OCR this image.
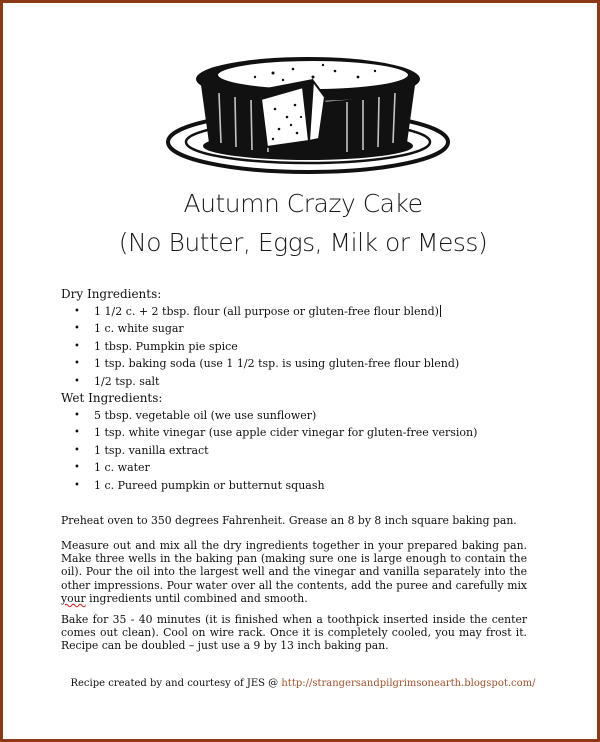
Autumn Crazy Cake
(No Butter, Eggs, Milk or Mess)
Dry Ingredients:
• 1 1/2 c. + 2 tbsp. flour (all purpose or gluten-free flour blend)
• 1 c. white sugar
• 1 tbsp. Pumpkin pie spice
• 1 tsp. baking soda (use 1 1/2 tsp. is using gluten-free flour blend)
• 1/2 tsp. salt
Wet Ingredients:
• 5 tbsp. vegetable oil (we use sunflower)
• 1 tsp. white vinegar (use apple cider vinegar for gluten-free version)
• 1 tsp. vanilla extract
• 1 c. water
• 1 c. Pureed pumpkin or butternut squash

Preheat oven to 350 degrees Fahrenheit. Grease an 8 by 8 inch square baking pan.

Measure out and mix all the dry ingredients together in your prepared baking pan. Make three wells in the baking pan (making sure one is large enough to contain the oil). Pour the oil into the largest well and the vinegar and vanilla separately into the other impressions. Pour water over all the contents, add the puree and carefully mix your ingredients until combined and smooth.

Bake for 35 - 40 minutes (it is finished when a toothpick inserted inside the center comes out clean). Cool on wire rack. Once it is completely cooled, you may frost it. Recipe can be doubled – just use a 9 by 13 inch baking pan.

Recipe created by and courtesy of JES @ http://strangersandpilgrimsonearth.blogspot.com/
